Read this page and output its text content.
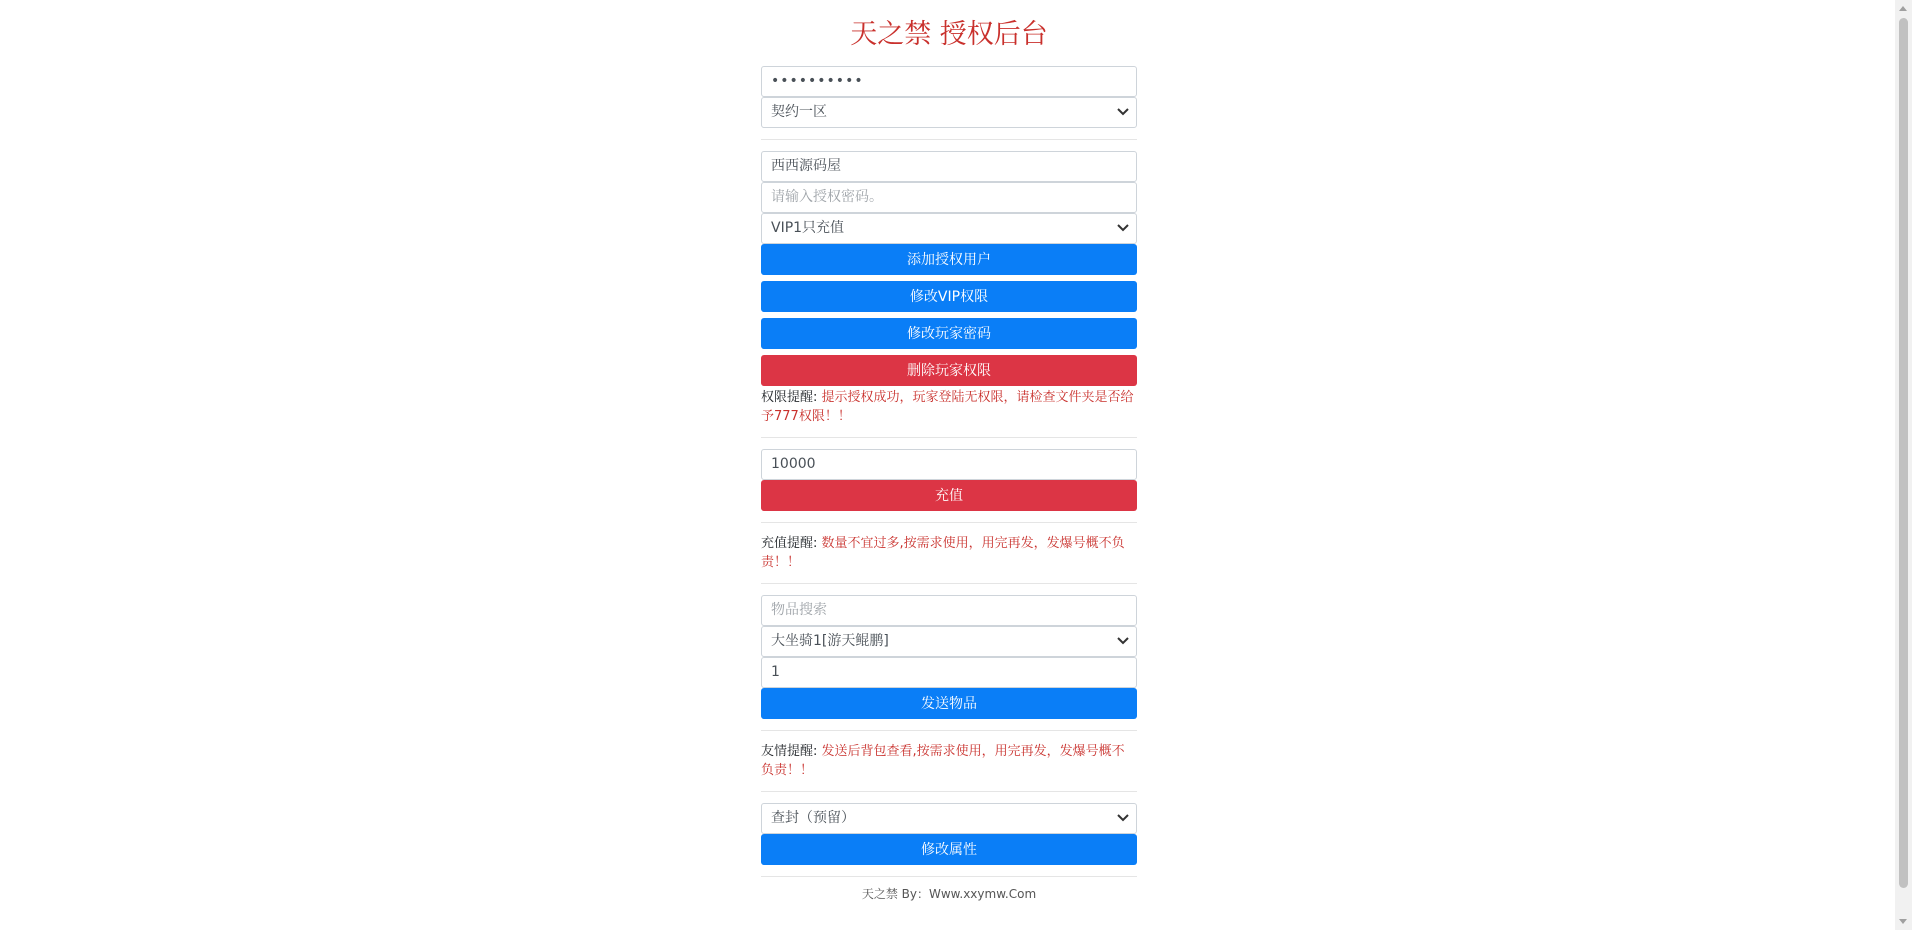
天之禁 授权后台
••••••••••
契约一区
西西源码屋
请输入授权密码。
VIP1只充值
添加授权用户
修改VIP权限
修改玩家密码
删除玩家权限
权限提醒: 提示授权成功，玩家登陆无权限，请检查文件夹是否给予777权限！！
10000
充值
充值提醒: 数量不宜过多,按需求使用，用完再发，发爆号概不负责！！
物品搜索
大坐骑1[游天鲲鹏]
1
发送物品
友情提醒: 发送后背包查看,按需求使用，用完再发，发爆号概不负责！！
查封（预留）
修改属性
天之禁 By：Www.xxymw.Com
